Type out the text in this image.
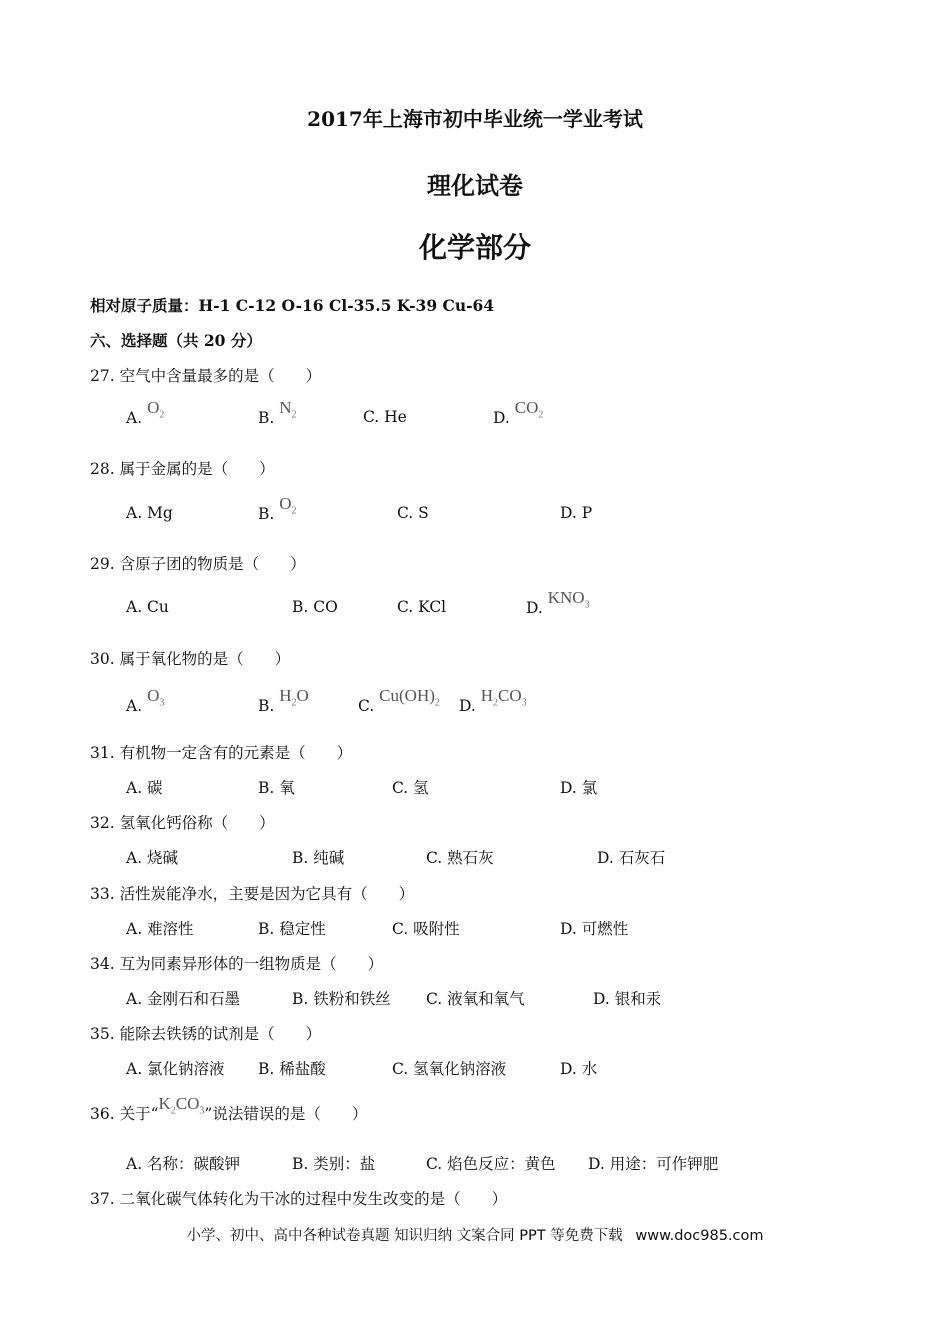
2017年上海市初中毕业统一学业考试
理化试卷
化学部分
相对原子质量：H-1 C-12 O-16 Cl-35.5 K-39 Cu-64
六、选择题（共 20 分）
27. 空气中含量最多的是（　　）
A. $O_2$	B. $N_2$	C. He	D. $CO_2$
28. 属于金属的是（　　）
A. Mg	B. $O_2$	C. S	D. P
29. 含原子团的物质是（　　）
A. Cu	B. CO	C. KCl	D. $KNO_3$
30. 属于氧化物的是（　　）
A. $O_3$	B. $H_2O$
C. $Cu(OH)_2$ D. $H_2CO_3$
31. 有机物一定含有的元素是（　　）
A. 碳	B. 氧	C. 氢	D. 氯
32. 氢氧化钙俗称（　　）
A. 烧碱	B. 纯碱	C. 熟石灰	D. 石灰石
33. 活性炭能净水，主要是因为它具有（　　）
A. 难溶性	B. 稳定性	C. 吸附性	D. 可燃性
34. 互为同素异形体的一组物质是（　　）
A. 金刚石和石墨	B. 铁粉和铁丝 C. 液氧和氧气	D. 银和汞
35. 能除去铁锈的试剂是（　　）
A. 氯化钠溶液 B. 稀盐酸	C. 氢氧化钠溶液	D. 水
36. 关于“$K_2CO_3$”说法错误的是（　　）
A. 名称：碳酸钾	B. 类别：盐	C. 焰色反应：黄色 D. 用途：可作钾肥
37. 二氧化碳气体转化为干冰的过程中发生改变的是（　　）
小学、初中、高中各种试卷真题 知识归纳 文案合同 PPT 等免费下载 www.doc985.com
